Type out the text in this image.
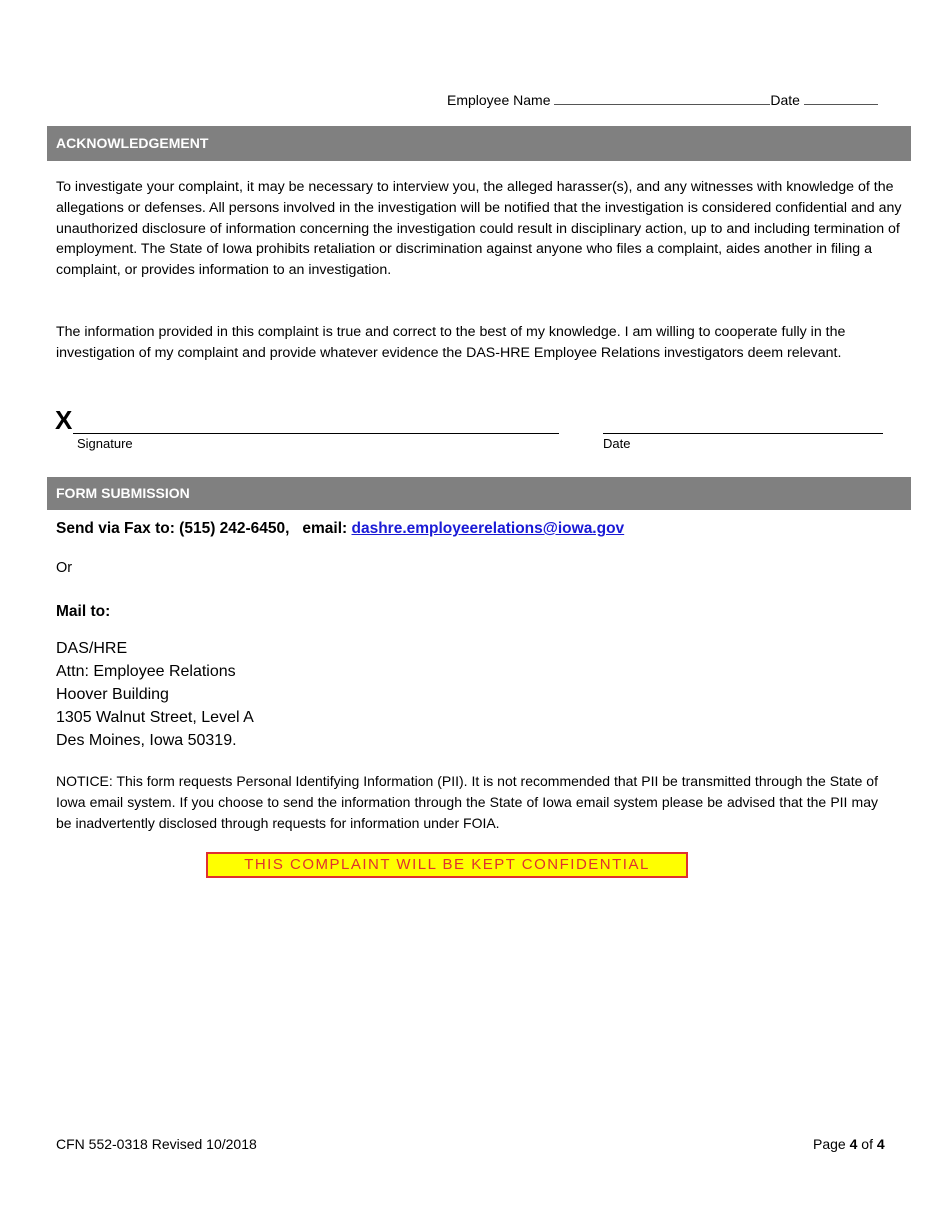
Employee Name	Date
ACKNOWLEDGEMENT

To investigate your complaint, it may be necessary to interview you, the alleged harasser(s), and any witnesses with knowledge of the allegations or defenses. All persons involved in the investigation will be notified that the investigation is considered confidential and any unauthorized disclosure of information concerning the investigation could result in disciplinary action, up to and including termination of employment. The State of Iowa prohibits retaliation or discrimination against anyone who files a complaint, aides another in filing a complaint, or provides information to an investigation.

The information provided in this complaint is true and correct to the best of my knowledge. I am willing to cooperate fully in the investigation of my complaint and provide whatever evidence the DAS-HRE Employee Relations investigators deem relevant.

X
Signature	Date
FORM SUBMISSION
Send via Fax to: (515) 242-6450,   email: dashre.employeerelations@iowa.gov
Or
Mail to:
DAS/HRE
Attn: Employee Relations
Hoover Building
1305 Walnut Street, Level A
Des Moines, Iowa 50319.

NOTICE: This form requests Personal Identifying Information (PII). It is not recommended that PII be transmitted through the State of Iowa email system. If you choose to send the information through the State of Iowa email system please be advised that the PII may be inadvertently disclosed through requests for information under FOIA.

THIS COMPLAINT WILL BE KEPT CONFIDENTIAL
CFN 552-0318 Revised 10/2018	Page 4 of 4
